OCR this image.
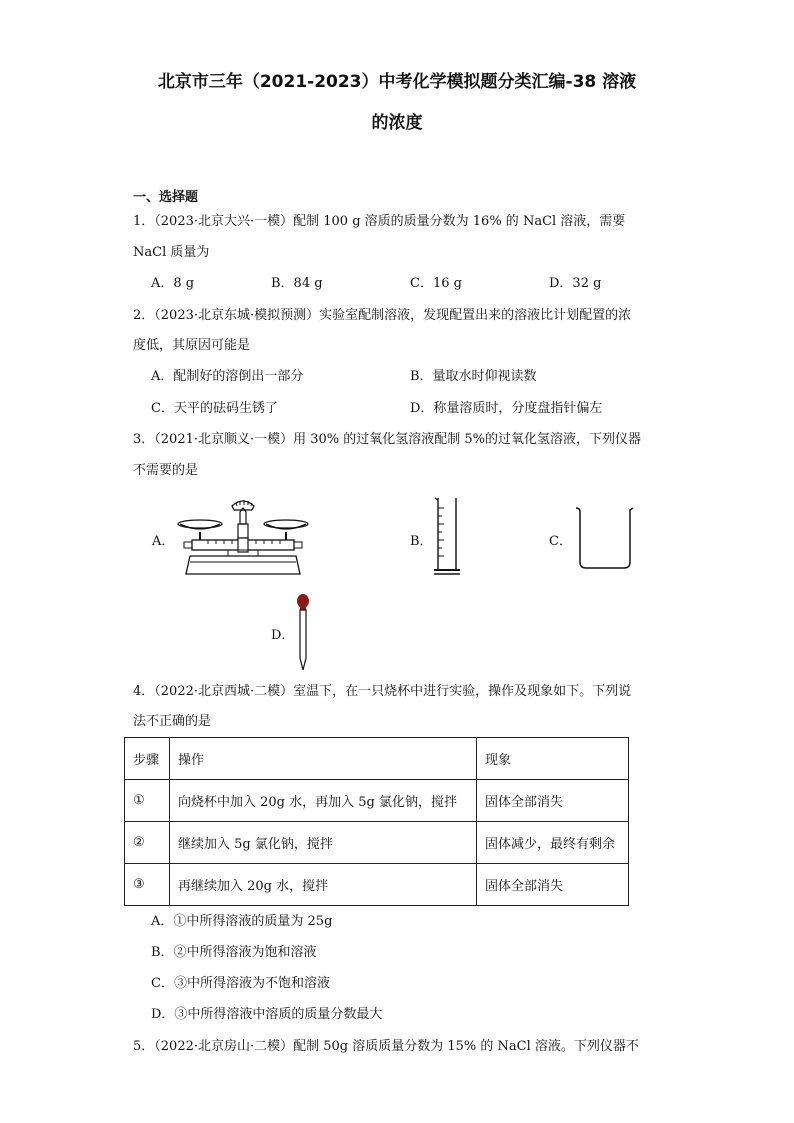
北京市三年（2021-2023）中考化学模拟题分类汇编-38 溶液
的浓度
一、选择题
1．（2023·北京大兴·一模）配制 100 g 溶质的质量分数为 16% 的 NaCl 溶液，需要
NaCl 质量为
A．8 g	B．84 g	C．16 g	D．32 g
2．（2023·北京东城·模拟预测）实验室配制溶液，发现配置出来的溶液比计划配置的浓
度低，其原因可能是
A．配制好的溶倒出一部分	B．量取水时仰视读数
C．天平的砝码生锈了	D．称量溶质时，分度盘指针偏左
3．（2021·北京顺义·一模）用 30% 的过氧化氢溶液配制 5%的过氧化氢溶液，下列仪器
不需要的是
A．	B．	C．
D．
4．（2022·北京西城·二模）室温下，在一只烧杯中进行实验，操作及现象如下。下列说
法不正确的是
步骤	操作	现象
①	向烧杯中加入 20g 水，再加入 5g 氯化钠，搅拌	固体全部消失
②	继续加入 5g 氯化钠，搅拌	固体减少，最终有剩余
③	再继续加入 20g 水，搅拌	固体全部消失
A．①中所得溶液的质量为 25g
B．②中所得溶液为饱和溶液
C．③中所得溶液为不饱和溶液
D．③中所得溶液中溶质的质量分数最大
5．（2022·北京房山·二模）配制 50g 溶质质量分数为 15% 的 NaCl 溶液。下列仪器不
